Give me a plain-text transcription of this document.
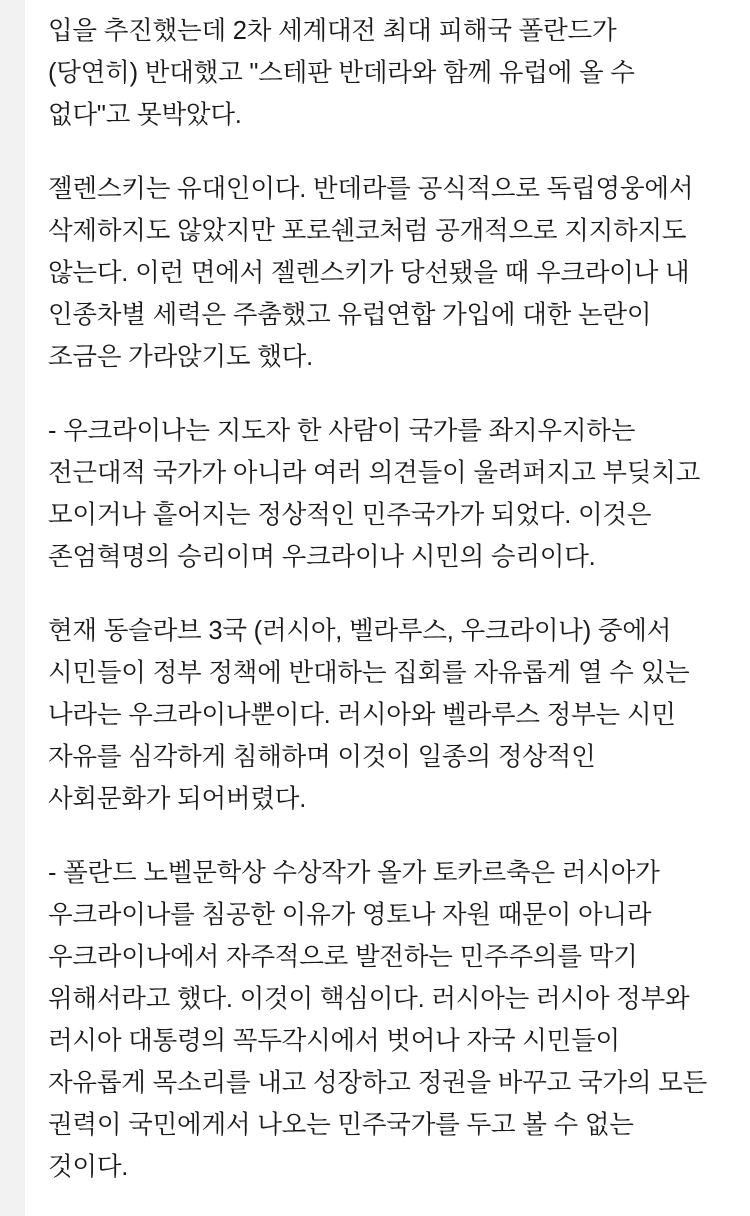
입을 추진했는데 2차 세계대전 최대 피해국 폴란드가 (당연히) 반대했고 "스테판 반데라와 함께 유럽에 올 수 없다"고 못박았다.

젤렌스키는 유대인이다. 반데라를 공식적으로 독립영웅에서 삭제하지도 않았지만 포로쉔코처럼 공개적으로 지지하지도 않는다. 이런 면에서 젤렌스키가 당선됐을 때 우크라이나 내 인종차별 세력은 주춤했고 유럽연합 가입에 대한 논란이 조금은 가라앉기도 했다.

- 우크라이나는 지도자 한 사람이 국가를 좌지우지하는 전근대적 국가가 아니라 여러 의견들이 울려퍼지고 부딪치고 모이거나 흩어지는 정상적인 민주국가가 되었다. 이것은 존엄혁명의 승리이며 우크라이나 시민의 승리이다.

현재 동슬라브 3국 (러시아, 벨라루스, 우크라이나) 중에서 시민들이 정부 정책에 반대하는 집회를 자유롭게 열 수 있는 나라는 우크라이나뿐이다. 러시아와 벨라루스 정부는 시민 자유를 심각하게 침해하며 이것이 일종의 정상적인 사회문화가 되어버렸다.

- 폴란드 노벨문학상 수상작가 올가 토카르축은 러시아가 우크라이나를 침공한 이유가 영토나 자원 때문이 아니라 우크라이나에서 자주적으로 발전하는 민주주의를 막기 위해서라고 했다. 이것이 핵심이다. 러시아는 러시아 정부와 러시아 대통령의 꼭두각시에서 벗어나 자국 시민들이 자유롭게 목소리를 내고 성장하고 정권을 바꾸고 국가의 모든 권력이 국민에게서 나오는 민주국가를 두고 볼 수 없는 것이다.
